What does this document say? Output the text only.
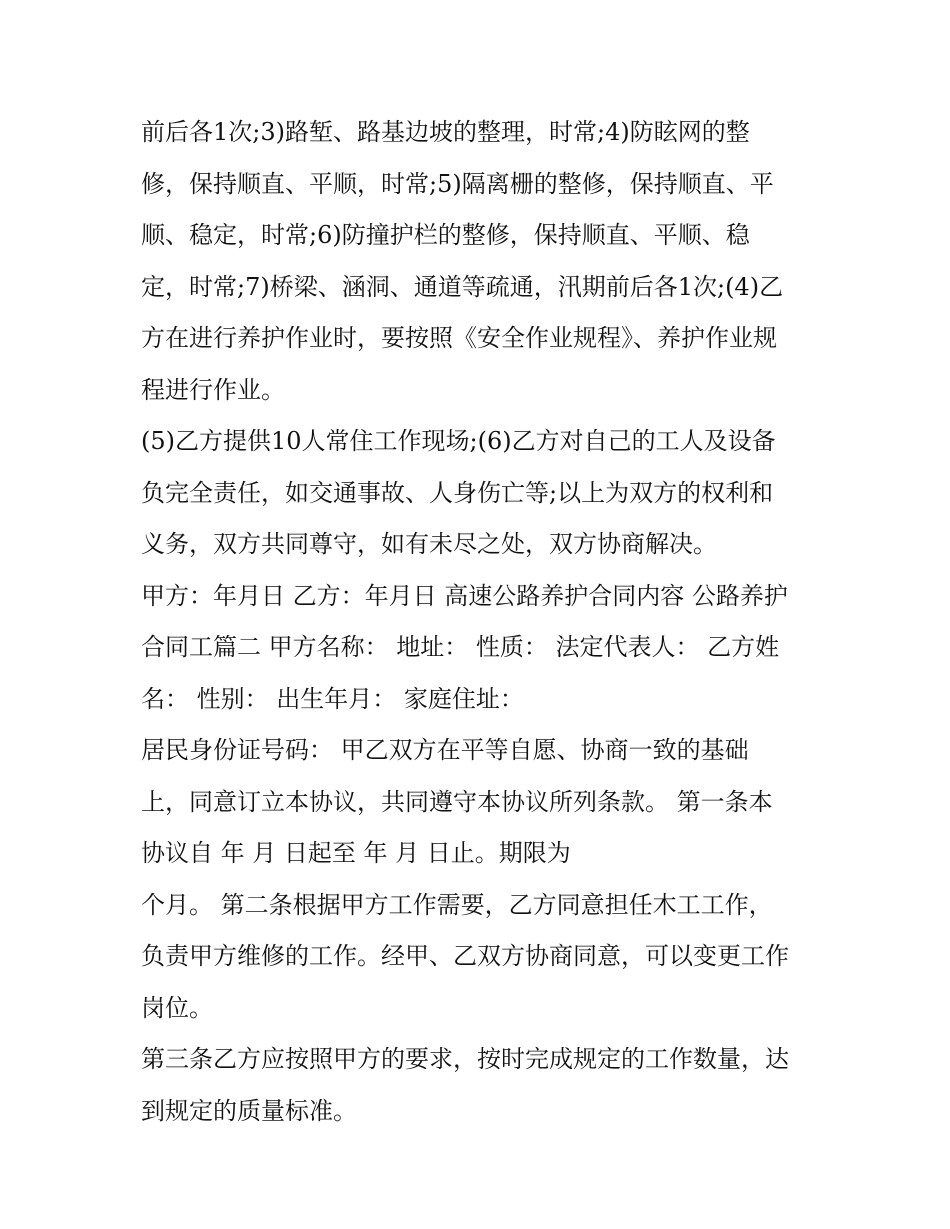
前后各1次;3)路堑、路基边坡的整理，时常;4)防眩网的整
修，保持顺直、平顺，时常;5)隔离栅的整修，保持顺直、平
顺、稳定，时常;6)防撞护栏的整修，保持顺直、平顺、稳
定，时常;7)桥梁、涵洞、通道等疏通，汛期前后各1次;(4)乙
方在进行养护作业时，要按照《安全作业规程》、养护作业规
程进行作业。
(5)乙方提供10人常住工作现场;(6)乙方对自己的工人及设备
负完全责任，如交通事故、人身伤亡等;以上为双方的权利和
义务，双方共同尊守，如有未尽之处，双方协商解决。
甲方：年月日 乙方：年月日 高速公路养护合同内容 公路养护
合同工篇二 甲方名称： 地址： 性质： 法定代表人： 乙方姓
名： 性别： 出生年月： 家庭住址：
居民身份证号码： 甲乙双方在平等自愿、协商一致的基础
上，同意订立本协议，共同遵守本协议所列条款。 第一条本
协议自 年 月 日起至 年 月 日止。期限为
个月。 第二条根据甲方工作需要，乙方同意担任木工工作，
负责甲方维修的工作。经甲、乙双方协商同意，可以变更工作
岗位。
第三条乙方应按照甲方的要求，按时完成规定的工作数量，达
到规定的质量标准。
